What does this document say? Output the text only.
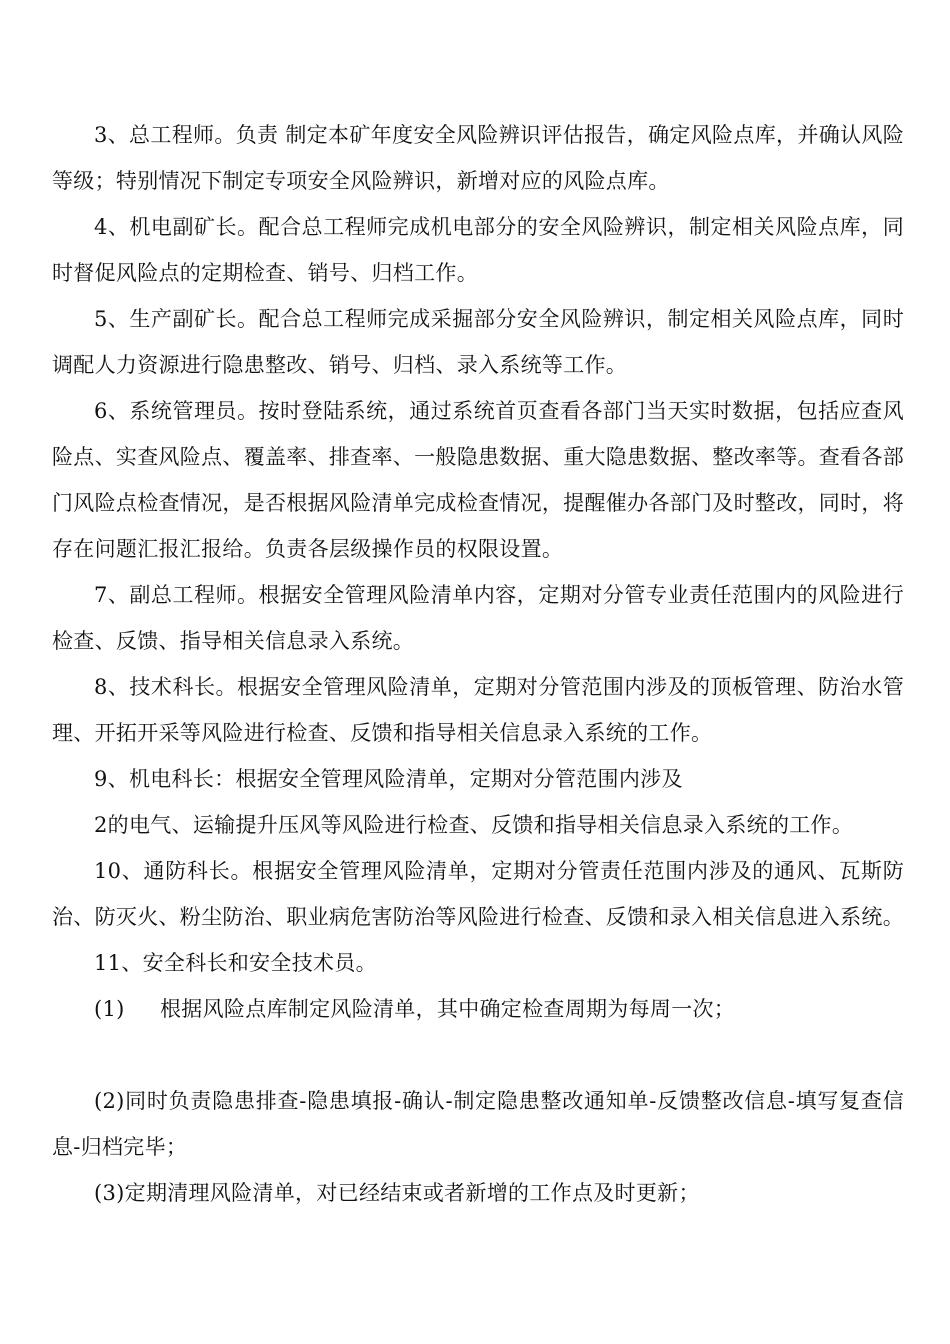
3、总工程师。负责 制定本矿年度安全风险辨识评估报告，确定风险点库，并确认风险等级；特别情况下制定专项安全风险辨识，新增对应的风险点库。

4、机电副矿长。配合总工程师完成机电部分的安全风险辨识，制定相关风险点库，同时督促风险点的定期检查、销号、归档工作。

5、生产副矿长。配合总工程师完成采掘部分安全风险辨识，制定相关风险点库，同时调配人力资源进行隐患整改、销号、归档、录入系统等工作。

6、系统管理员。按时登陆系统，通过系统首页查看各部门当天实时数据，包括应查风险点、实查风险点、覆盖率、排查率、一般隐患数据、重大隐患数据、整改率等。查看各部门风险点检查情况，是否根据风险清单完成检查情况，提醒催办各部门及时整改，同时，将存在问题汇报汇报给。负责各层级操作员的权限设置。

7、副总工程师。根据安全管理风险清单内容，定期对分管专业责任范围内的风险进行检查、反馈、指导相关信息录入系统。

8、技术科长。根据安全管理风险清单，定期对分管范围内涉及的顶板管理、防治水管理、开拓开采等风险进行检查、反馈和指导相关信息录入系统的工作。

9、机电科长：根据安全管理风险清单，定期对分管范围内涉及

2的电气、运输提升压风等风险进行检查、反馈和指导相关信息录入系统的工作。

10、通防科长。根据安全管理风险清单，定期对分管责任范围内涉及的通风、瓦斯防治、防灭火、粉尘防治、职业病危害防治等风险进行检查、反馈和录入相关信息进入系统。

11、安全科长和安全技术员。

(1) 根据风险点库制定风险清单，其中确定检查周期为每周一次；

(2)同时负责隐患排查-隐患填报-确认-制定隐患整改通知单-反馈整改信息-填写复查信息-归档完毕；

(3)定期清理风险清单，对已经结束或者新增的工作点及时更新；
